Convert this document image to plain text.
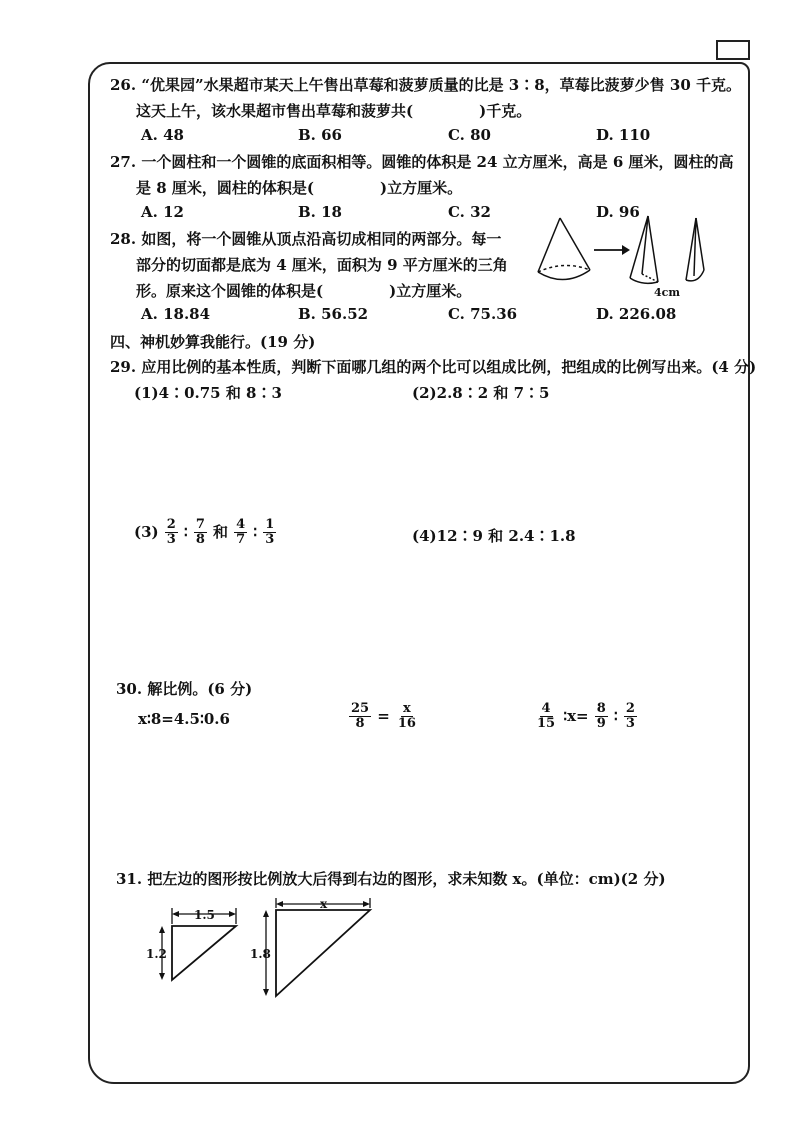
26. “优果园”水果超市某天上午售出草莓和菠萝质量的比是 3∶8，草莓比菠萝少售 30 千克。
这天上午，该水果超市售出草莓和菠萝共(	)千克。
A. 48	B. 66	C. 80	D. 110
27. 一个圆柱和一个圆锥的底面积相等。圆锥的体积是 24 立方厘米，高是 6 厘米，圆柱的高
是 8 厘米，圆柱的体积是(	)立方厘米。
A. 12	B. 18	C. 32	D. 96
28. 如图，将一个圆锥从顶点沿高切成相同的两部分。每一
部分的切面都是底为 4 厘米，面积为 9 平方厘米的三角
形。原来这个圆锥的体积是(	)立方厘米。
A. 18.84	B. 56.52	C. 75.36	D. 226.08
4cm
四、神机妙算我能行。(19 分)
29. 应用比例的基本性质，判断下面哪几组的两个比可以组成比例，把组成的比例写出来。(4 分)
(1)4∶0.75 和 8∶3	(2)2.8∶2 和 7∶5
$(3) \frac{2}{3}$ ∶ $\frac{7}{8}$ 和 $\frac{4}{7}$ ∶ $\frac{1}{3}$	(4)12∶9 和 2.4∶1.8
30. 解比例。(6 分)
x∶8=4.5∶0.6	$\frac{25}{8} = \frac{x}{16}$	$\frac{4}{15}$ ∶x= $\frac{8}{9}$ ∶ $\frac{2}{3}$
31. 把左边的图形按比例放大后得到右边的图形，求未知数 x。(单位：cm)(2 分)
1.5
1.2
x
1.8
